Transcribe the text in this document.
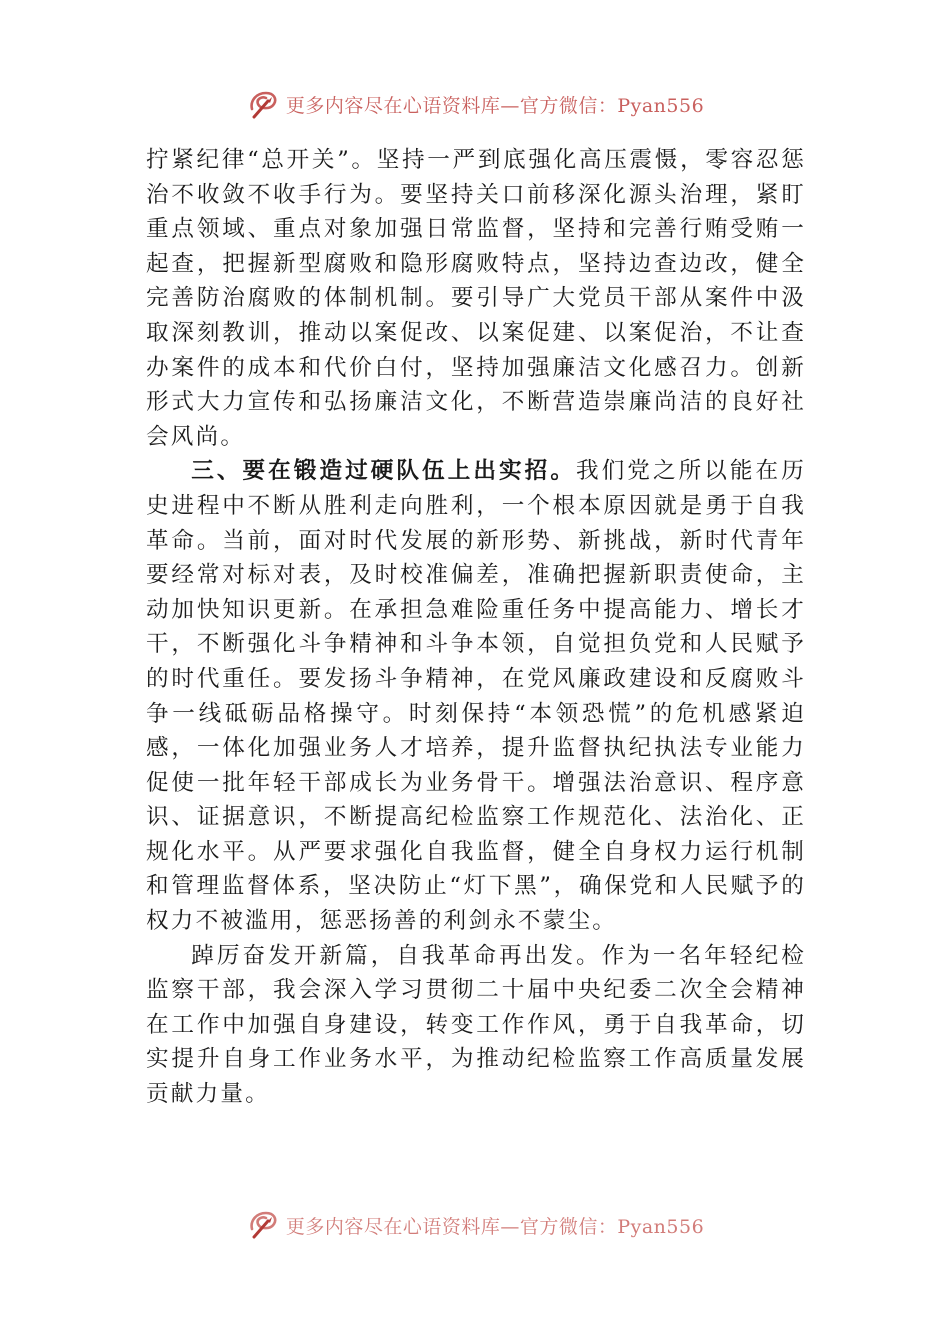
更多内容尽在心语资料库—官方微信：Pyan556

拧紧纪律“总开关”。坚持一严到底强化高压震慑，零容忍惩治不收敛不收手行为。要坚持关口前移深化源头治理，紧盯重点领域、重点对象加强日常监督，坚持和完善行贿受贿一起查，把握新型腐败和隐形腐败特点，坚持边查边改，健全完善防治腐败的体制机制。要引导广大党员干部从案件中汲取深刻教训，推动以案促改、以案促建、以案促治，不让查办案件的成本和代价白付，坚持加强廉洁文化感召力。创新形式大力宣传和弘扬廉洁文化，不断营造崇廉尚洁的良好社会风尚。

三、要在锻造过硬队伍上出实招。我们党之所以能在历史进程中不断从胜利走向胜利，一个根本原因就是勇于自我革命。当前，面对时代发展的新形势、新挑战，新时代青年要经常对标对表，及时校准偏差，准确把握新职责使命，主动加快知识更新。在承担急难险重任务中提高能力、增长才干，不断强化斗争精神和斗争本领，自觉担负党和人民赋予的时代重任。要发扬斗争精神，在党风廉政建设和反腐败斗争一线砥砺品格操守。时刻保持“本领恐慌”的危机感紧迫感，一体化加强业务人才培养，提升监督执纪执法专业能力促使一批年轻干部成长为业务骨干。增强法治意识、程序意识、证据意识，不断提高纪检监察工作规范化、法治化、正规化水平。从严要求强化自我监督，健全自身权力运行机制和管理监督体系，坚决防止“灯下黑”，确保党和人民赋予的权力不被滥用，惩恶扬善的利剑永不蒙尘。

踔厉奋发开新篇，自我革命再出发。作为一名年轻纪检监察干部，我会深入学习贯彻二十届中央纪委二次全会精神在工作中加强自身建设，转变工作作风，勇于自我革命，切实提升自身工作业务水平，为推动纪检监察工作高质量发展贡献力量。

更多内容尽在心语资料库—官方微信：Pyan556
